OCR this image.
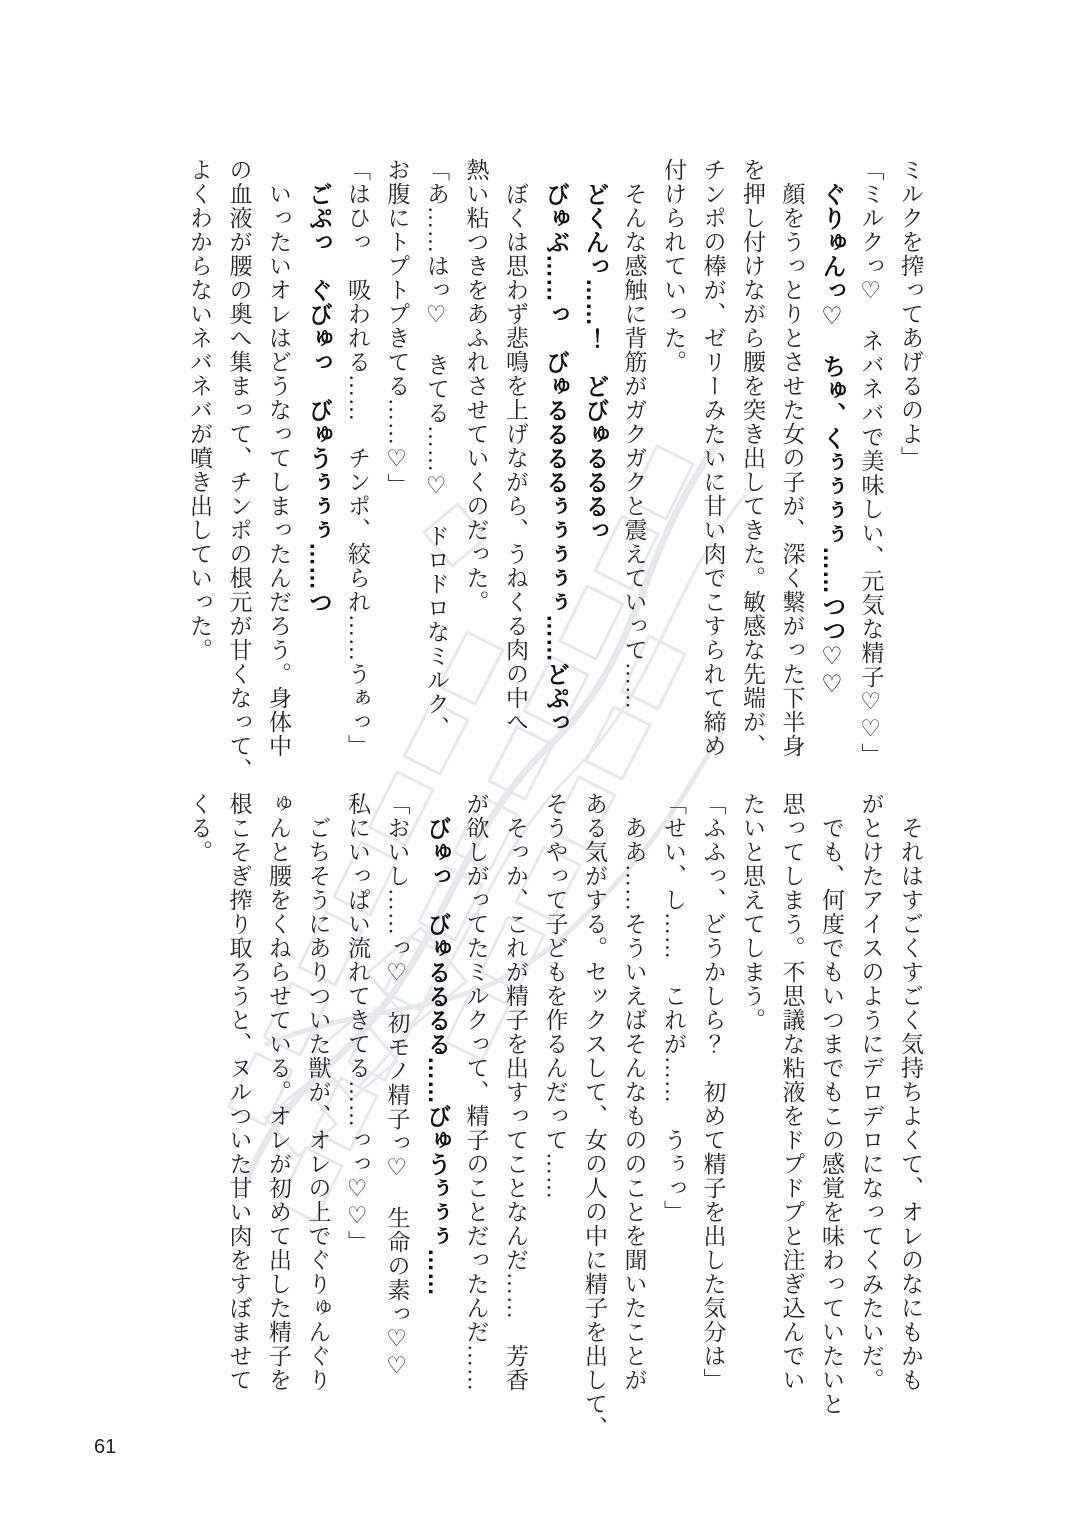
ミルクを搾ってあげるのよ」

「ミルクっ♡　ネバネバで美味しい、元気な精子♡♡」

　ぐりゅんっ♡　ちゅ、くぅぅぅぅ……つつ♡♡

　顔をうっとりとさせた女の子が、深く繋がった下半身

を押し付けながら腰を突き出してきた。敏感な先端が、

チンポの棒が、ゼリーみたいに甘い肉でこすられて締め

付けられていった。

　そんな感触に背筋がガクガクと震えていって……

　どくんっ……！　どびゅるるるっ

　びゅぶ……っ　びゅるるるるぅぅぅぅぅ……どぷっ

　ぼくは思わず悲鳴を上げながら、うねくる肉の中へ

熱い粘つきをあふれさせていくのだった。

「あ……はっ♡　きてる……♡　ドロドロなミルク、

お腹にトプトプきてる……♡」

「はひっ　吸われる……　チンポ、絞られ……うぁっ」

　ごぷっ　ぐびゅっ　びゅうぅぅぅ……つ

　いったいオレはどうなってしまったんだろう。身体中

の血液が腰の奥へ集まって、チンポの根元が甘くなって、

よくわからないネバネバが噴き出していった。

　それはすごくすごく気持ちよくて、オレのなにもかも

がとけたアイスのようにデロデロになってくみたいだ。

　でも、何度でもいつまでもこの感覚を味わっていたいと

思ってしまう。不思議な粘液をドプドプと注ぎ込んでい

たいと思えてしまう。

「ふふっ、どうかしら？　初めて精子を出した気分は」

「せい、し……　これが……　うぅっ」

　ああ……そういえばそんなもののことを聞いたことが

ある気がする。セックスして、女の人の中に精子を出して、

そうやって子どもを作るんだって……

　そっか、これが精子を出すってことなんだ……　芳香

が欲しがってたミルクって、精子のことだったんだ……

　びゅっ　びゅるるるる……びゅうぅぅぅ……

「おいし……っ♡　初モノ精子っ♡　生命の素っ♡♡

私にいっぱい流れてきてる……っっ♡♡」

　ごちそうにありついた獣が、オレの上でぐりゅんぐり

ゅんと腰をくねらせている。オレが初めて出した精子を

根こそぎ搾り取ろうと、ヌルついた甘い肉をすぼませて

くる。

61
